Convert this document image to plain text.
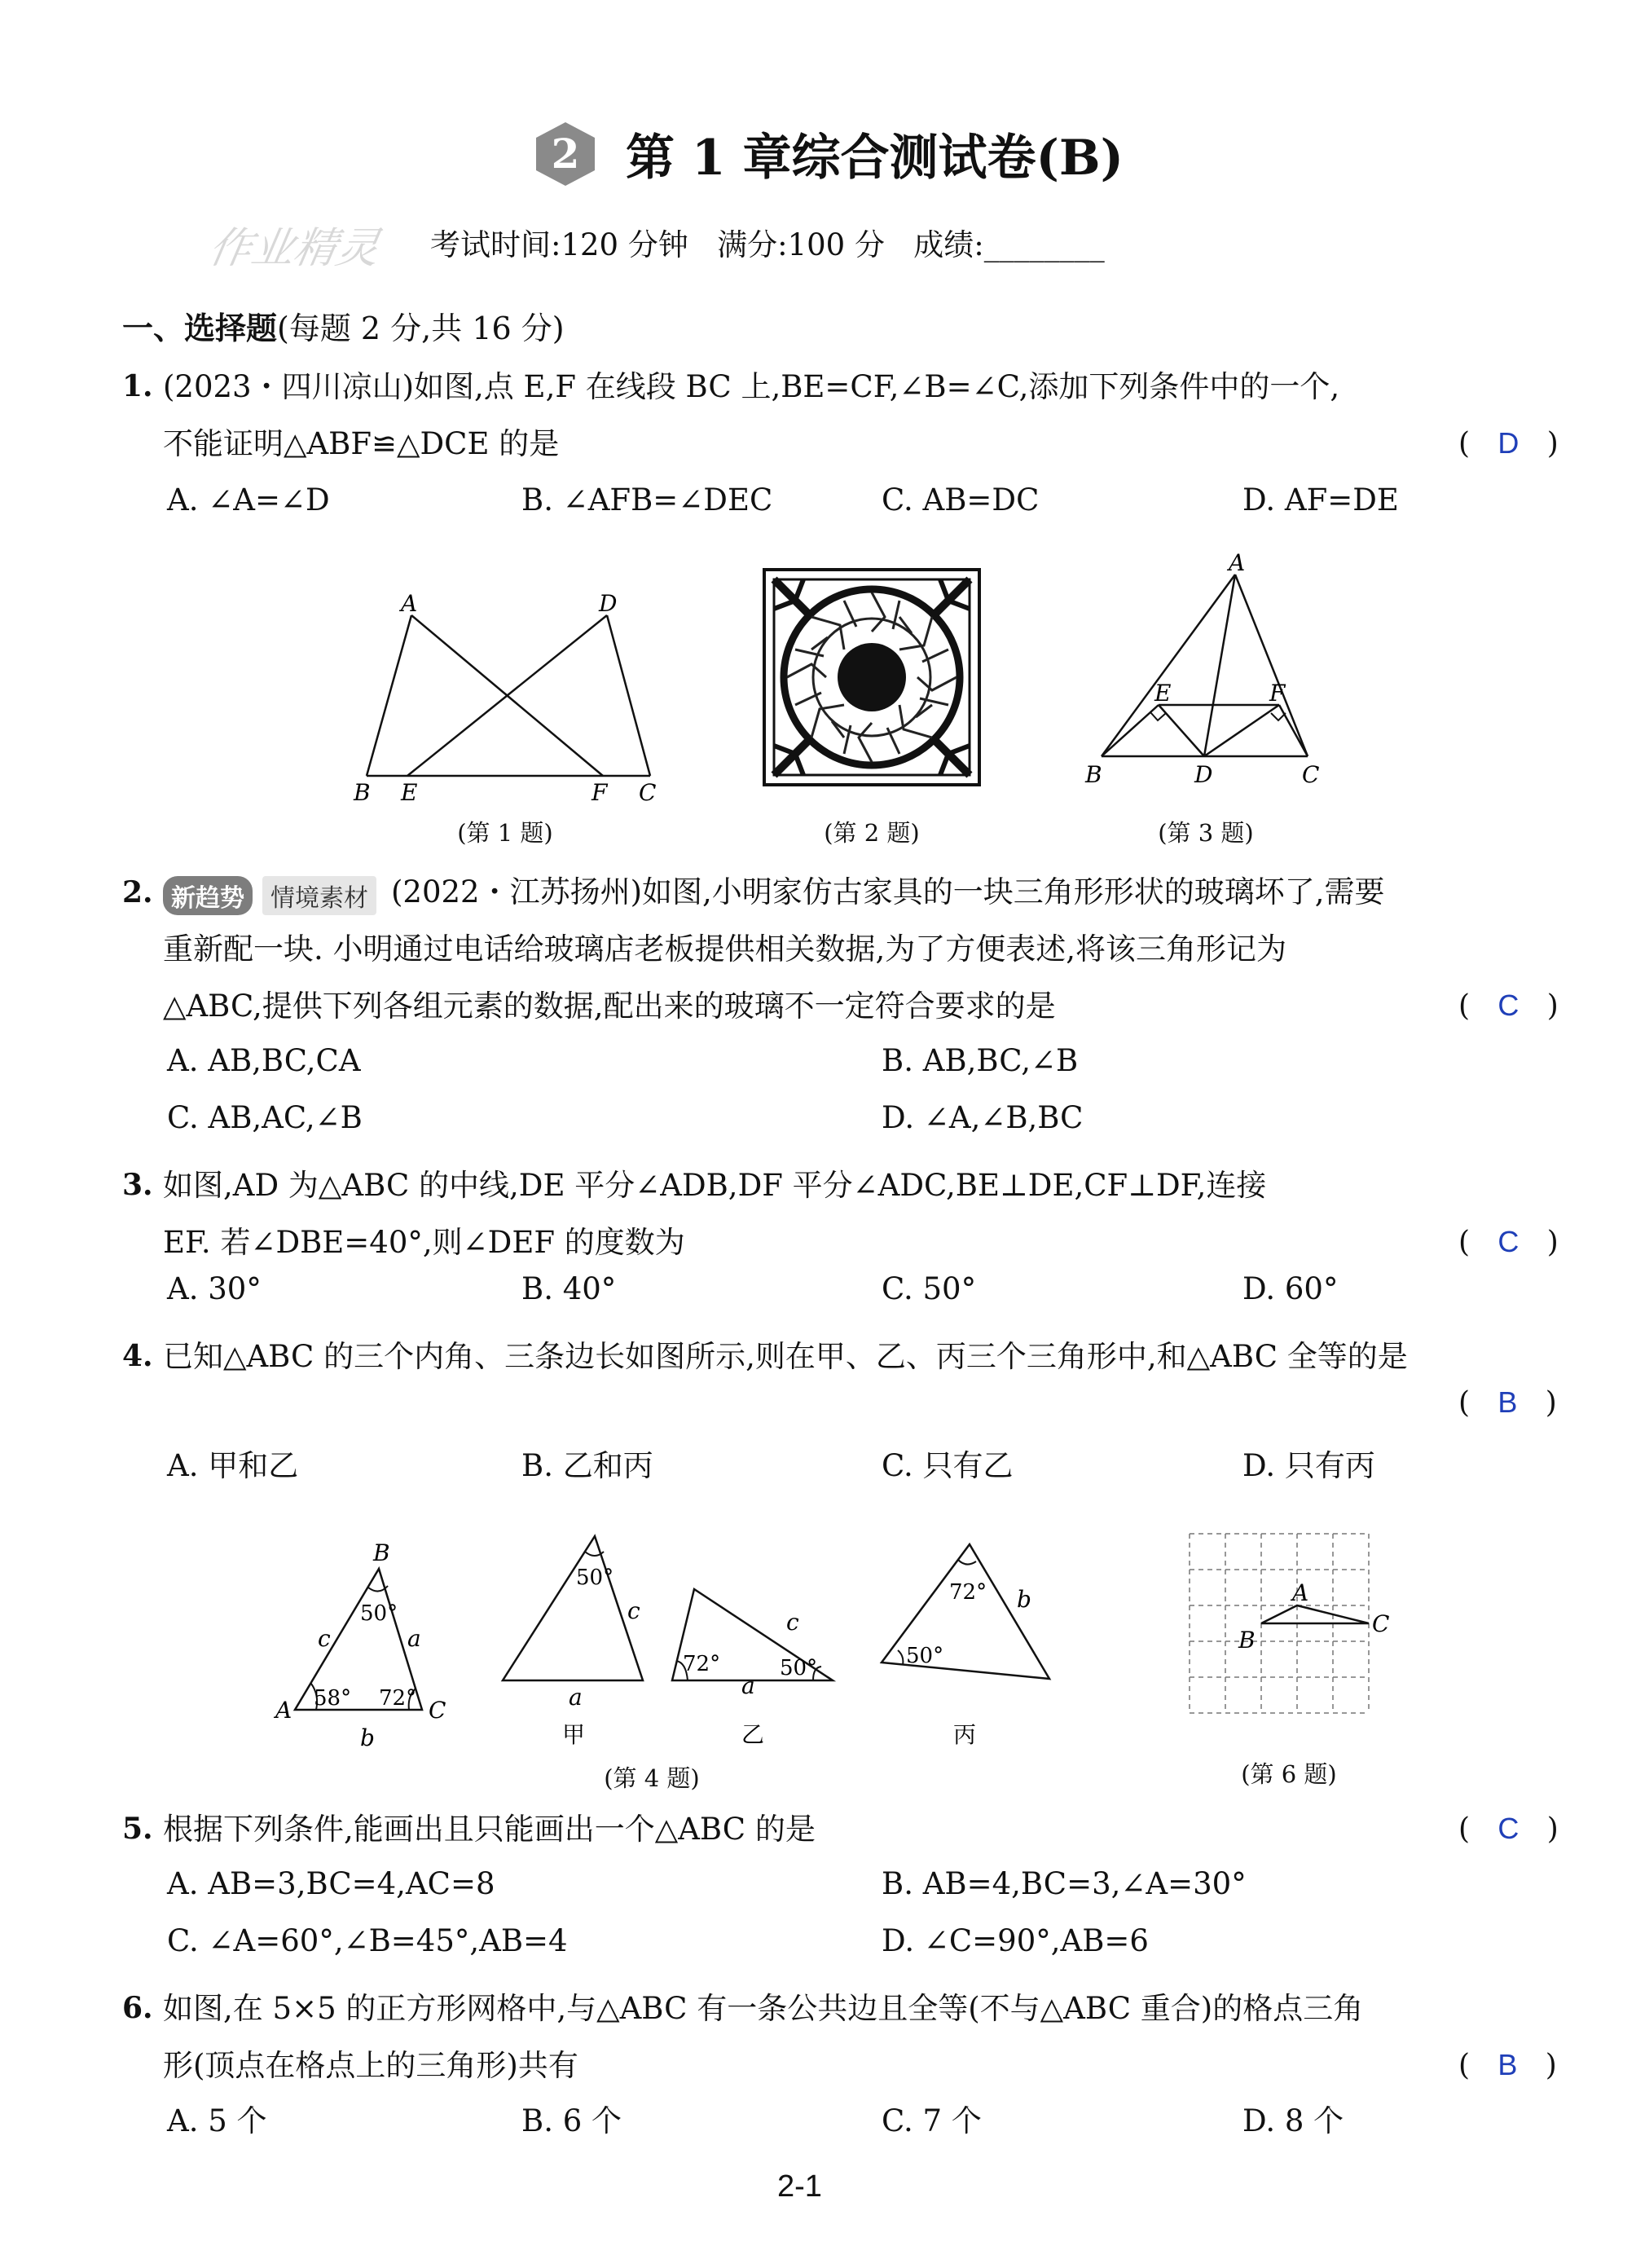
2 第 1 章综合测试卷(B)
作业精灵 考试时间:120 分钟   满分:100 分   成绩:________
一、选择题(每题 2 分,共 16 分)
1. (2023・四川凉山)如图,点 E,F 在线段 BC 上,BE=CF,∠B=∠C,添加下列条件中的一个,
不能证明△ABF≌△DCE 的是	(   D   )
A. ∠A=∠D	B. ∠AFB=∠DEC	C. AB=DC	D. AF=DE
A	D
B E	F C
(第 1 题)	(第 2 题)
A
E	F
B	D	C
(第 3 题)
2. 新趋势	情境素材 (2022・江苏扬州)如图,小明家仿古家具的一块三角形形状的玻璃坏了,需要
重新配一块. 小明通过电话给玻璃店老板提供相关数据,为了方便表述,将该三角形记为
△ABC,提供下列各组元素的数据,配出来的玻璃不一定符合要求的是	(   C   )
A. AB,BC,CA	B. AB,BC,∠B
C. AB,AC,∠B	D. ∠A,∠B,BC
3. 如图,AD 为△ABC 的中线,DE 平分∠ADB,DF 平分∠ADC,BE⊥DE,CF⊥DF,连接
EF. 若∠DBE=40°,则∠DEF 的度数为	(   C   )
A. 30°	B. 40°	C. 50°	D. 60°
4. 已知△ABC 的三个内角、三条边长如图所示,则在甲、乙、丙三个三角形中,和△ABC 全等的是
(   B   )
A. 甲和乙	B. 乙和丙	C. 只有乙	D. 只有丙
B
A	C
c	a
b
50°
58° 72°
50°
c
a
甲
72°	50°
c
a
乙
72°
50°
b
丙
(第 4 题)
A
B
C
(第 6 题)
5. 根据下列条件,能画出且只能画出一个△ABC 的是	(   C   )
A. AB=3,BC=4,AC=8	B. AB=4,BC=3,∠A=30°
C. ∠A=60°,∠B=45°,AB=4	D. ∠C=90°,AB=6
6. 如图,在 5×5 的正方形网格中,与△ABC 有一条公共边且全等(不与△ABC 重合)的格点三角
形(顶点在格点上的三角形)共有	(   B   )
A. 5 个	B. 6 个	C. 7 个	D. 8 个
2-1
